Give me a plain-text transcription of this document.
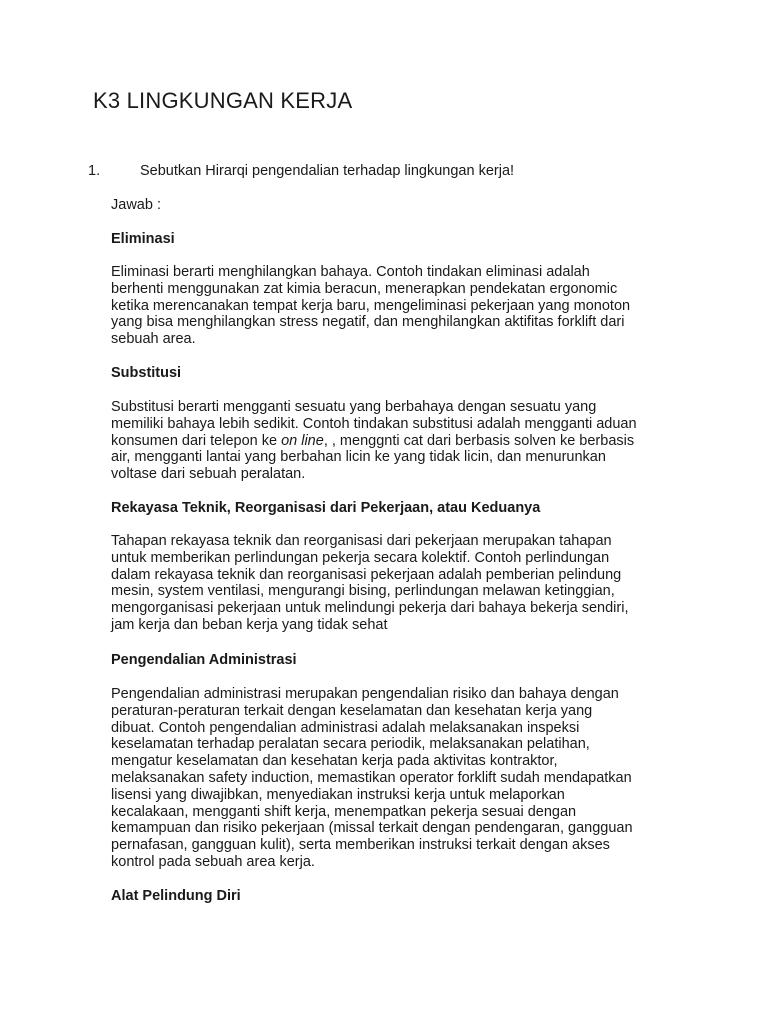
K3 LINGKUNGAN KERJA
1.	Sebutkan Hirarqi pengendalian terhadap lingkungan kerja!
Jawab :
Eliminasi
Eliminasi berarti menghilangkan bahaya. Contoh tindakan eliminasi adalah
berhenti menggunakan zat kimia beracun, menerapkan pendekatan ergonomic
ketika merencanakan tempat kerja baru, mengeliminasi pekerjaan yang monoton
yang bisa menghilangkan stress negatif, dan menghilangkan aktifitas forklift dari
sebuah area.
Substitusi
Substitusi berarti mengganti sesuatu yang berbahaya dengan sesuatu yang
memiliki bahaya lebih sedikit. Contoh tindakan substitusi adalah mengganti aduan
konsumen dari telepon ke on line, , menggnti cat dari berbasis solven ke berbasis
air, mengganti lantai yang berbahan licin ke yang tidak licin, dan menurunkan
voltase dari sebuah peralatan.
Rekayasa Teknik, Reorganisasi dari Pekerjaan, atau Keduanya
Tahapan rekayasa teknik dan reorganisasi dari pekerjaan merupakan tahapan
untuk memberikan perlindungan pekerja secara kolektif. Contoh perlindungan
dalam rekayasa teknik dan reorganisasi pekerjaan adalah pemberian pelindung
mesin, system ventilasi, mengurangi bising, perlindungan melawan ketinggian,
mengorganisasi pekerjaan untuk melindungi pekerja dari bahaya bekerja sendiri,
jam kerja dan beban kerja yang tidak sehat
Pengendalian Administrasi
Pengendalian administrasi merupakan pengendalian risiko dan bahaya dengan
peraturan-peraturan terkait dengan keselamatan dan kesehatan kerja yang
dibuat. Contoh pengendalian administrasi adalah melaksanakan inspeksi
keselamatan terhadap peralatan secara periodik, melaksanakan pelatihan,
mengatur keselamatan dan kesehatan kerja pada aktivitas kontraktor,
melaksanakan safety induction, memastikan operator forklift sudah mendapatkan
lisensi yang diwajibkan, menyediakan instruksi kerja untuk melaporkan
kecalakaan, mengganti shift kerja, menempatkan pekerja sesuai dengan
kemampuan dan risiko pekerjaan (missal terkait dengan pendengaran, gangguan
pernafasan, gangguan kulit), serta memberikan instruksi terkait dengan akses
kontrol pada sebuah area kerja.
Alat Pelindung Diri
